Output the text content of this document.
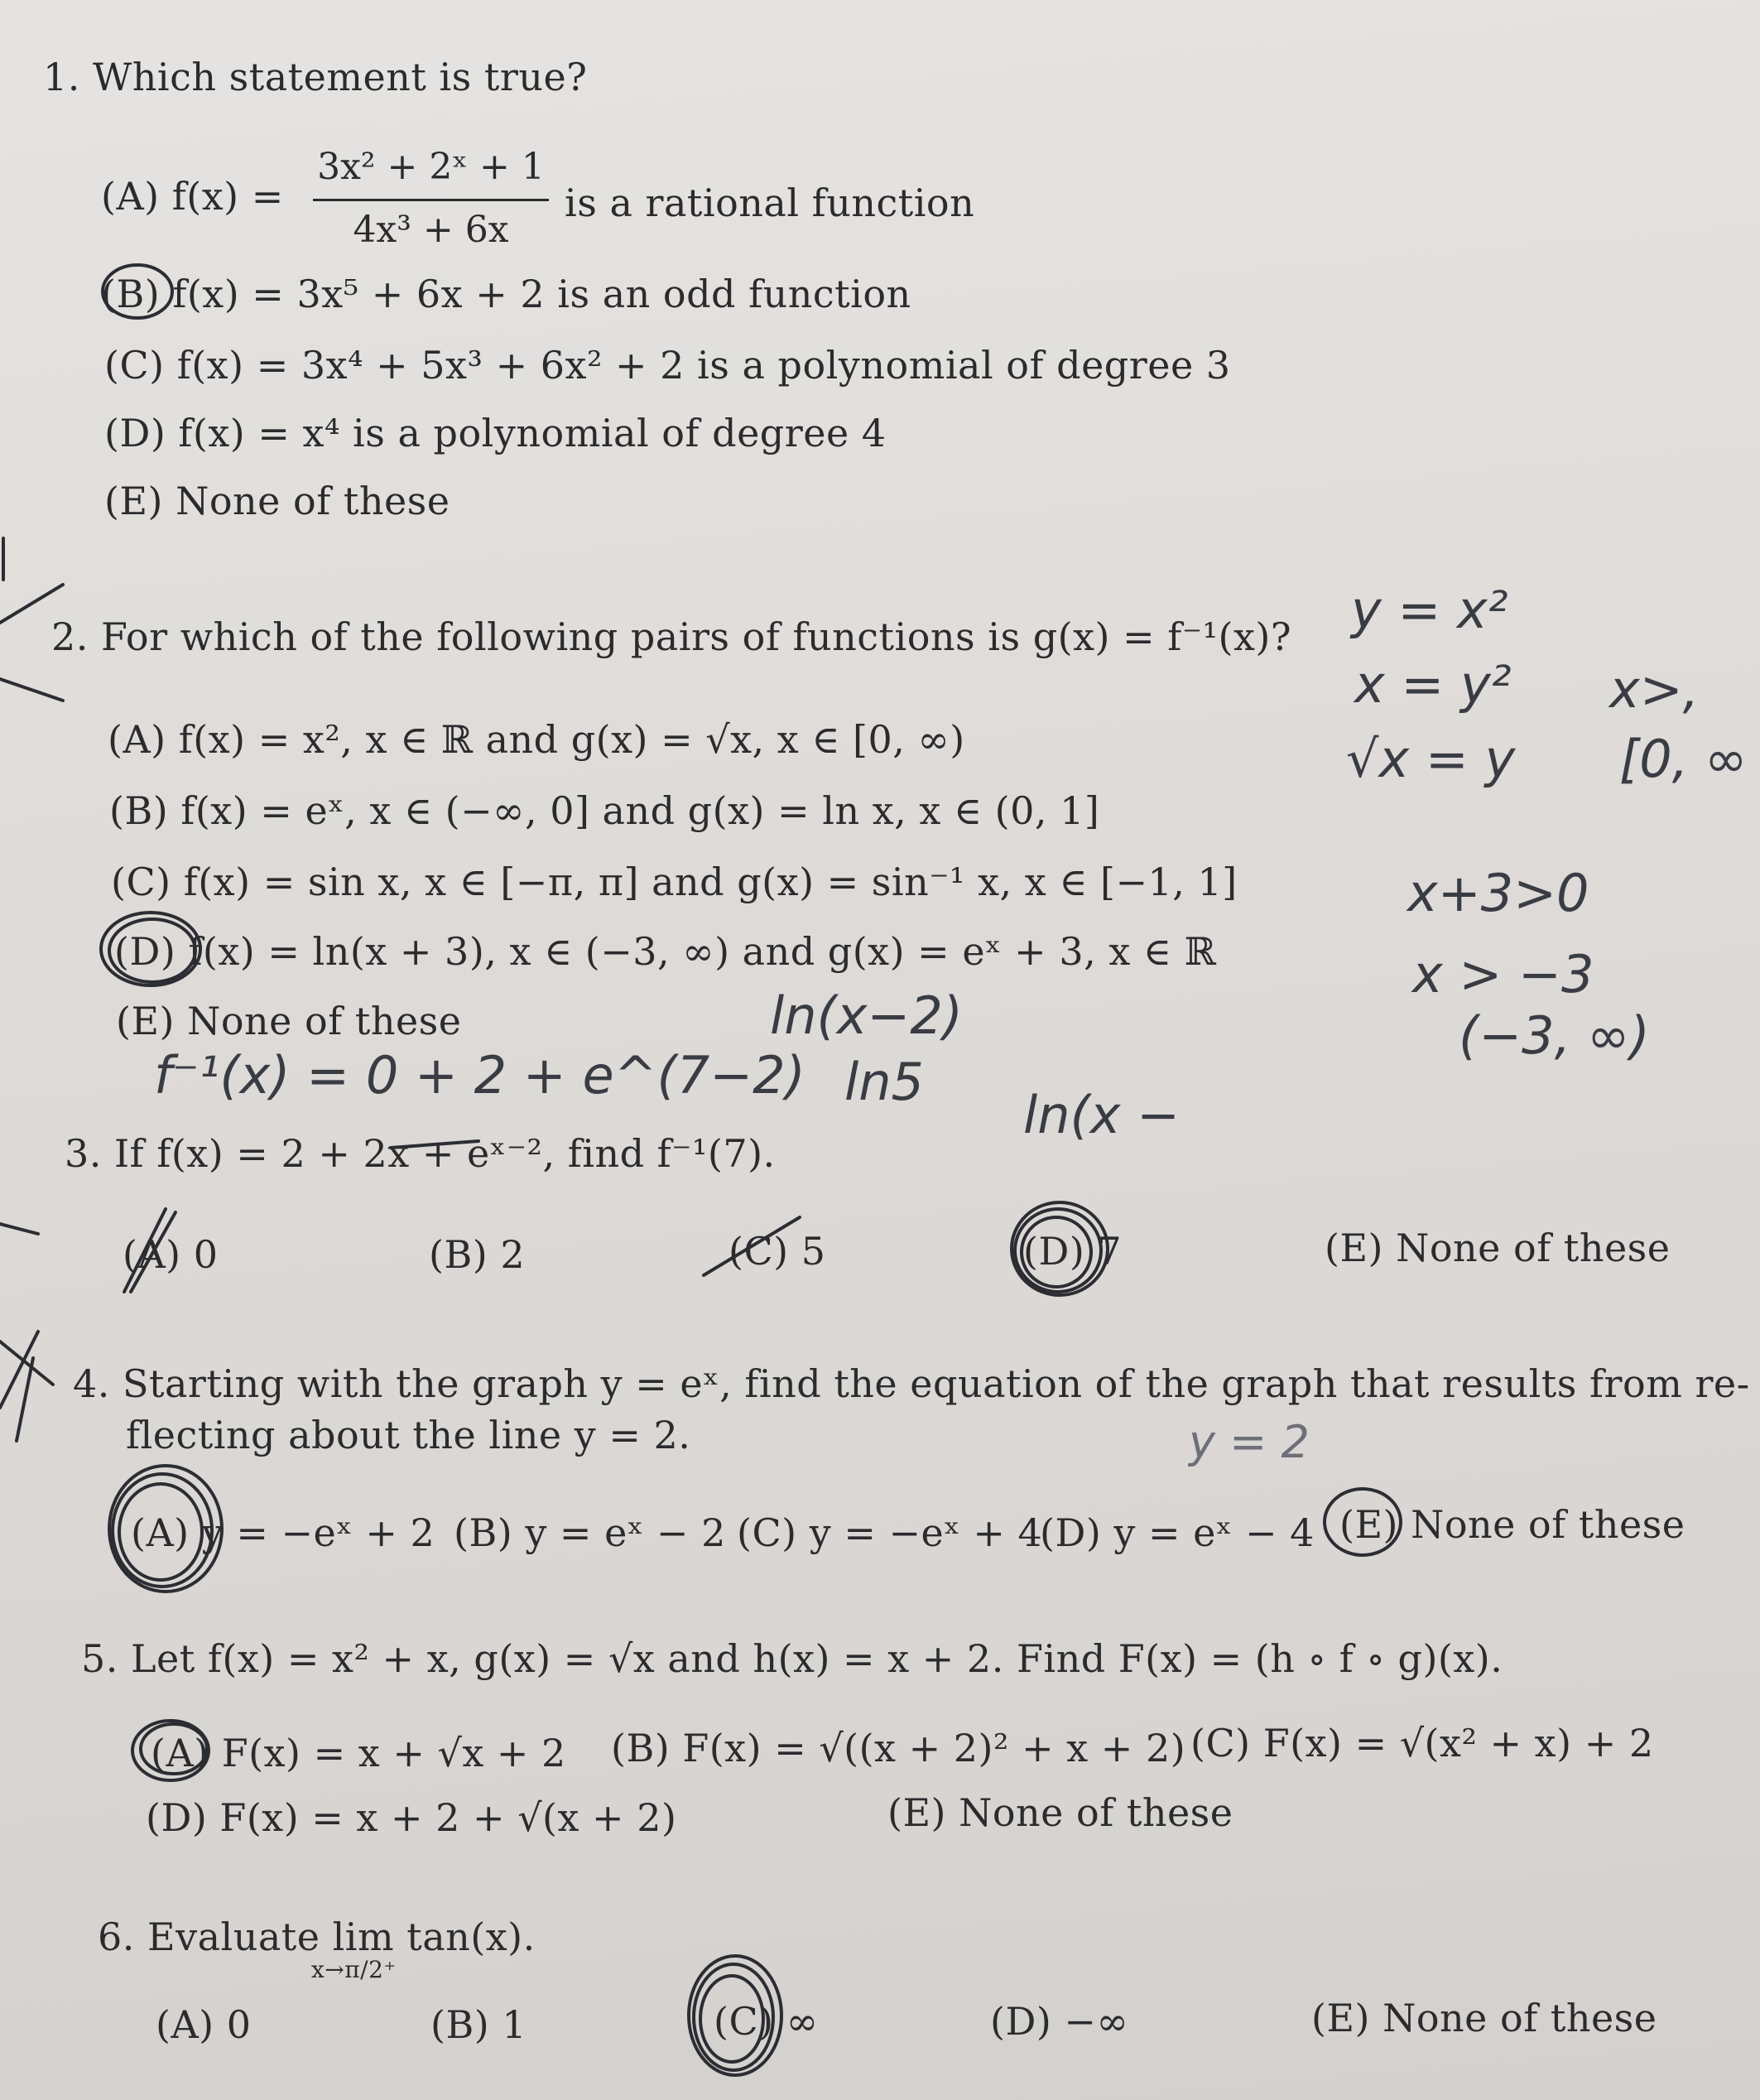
1. Which statement is true?
(A) f(x) =
3x² + 2ˣ + 1
4x³ + 6x
is a rational function
(B) f(x) = 3x⁵ + 6x + 2 is an odd function
(C) f(x) = 3x⁴ + 5x³ + 6x² + 2 is a polynomial of degree 3
(D) f(x) = x⁴ is a polynomial of degree 4
(E) None of these
2. For which of the following pairs of functions is g(x) = f⁻¹(x)?
(A) f(x) = x², x ∈ ℝ and g(x) = √x, x ∈ [0, ∞)
(B) f(x) = eˣ, x ∈ (−∞, 0] and g(x) = ln x, x ∈ (0, 1]
(C) f(x) = sin x, x ∈ [−π, π] and g(x) = sin⁻¹ x, x ∈ [−1, 1]
(D) f(x) = ln(x + 3), x ∈ (−3, ∞) and g(x) = eˣ + 3, x ∈ ℝ
(E) None of these
3. If f(x) = 2 + 2x + eˣ⁻², find f⁻¹(7).
(A) 0	(B) 2	(C) 5	(D) 7	(E) None of these
4. Starting with the graph y = eˣ, find the equation of the graph that results from re-
flecting about the line y = 2.
(A) y = −eˣ + 2 (B) y = eˣ − 2 (C) y = −eˣ + 4
(D) y = eˣ − 4 (E) None of these
5. Let f(x) = x² + x, g(x) = √x and h(x) = x + 2. Find F(x) = (h ∘ f ∘ g)(x).
(A) F(x) = x + √x + 2 (B) F(x) = √((x + 2)² + x + 2) (C) F(x) = √(x² + x) + 2
(D) F(x) = x + 2 + √(x + 2)	(E) None of these
6. Evaluate lim tan(x).
x→π/2⁺
(A) 0	(B) 1	(C) ∞	(D) −∞	(E) None of these
y = x²
x = y² x>,
√x = y [0, ∞
x+3>0
x > −3
(−3, ∞)
f⁻¹(x) = 0 + 2 + e^(7−2)
ln(x−2)
ln5
ln(x −
y = 2
